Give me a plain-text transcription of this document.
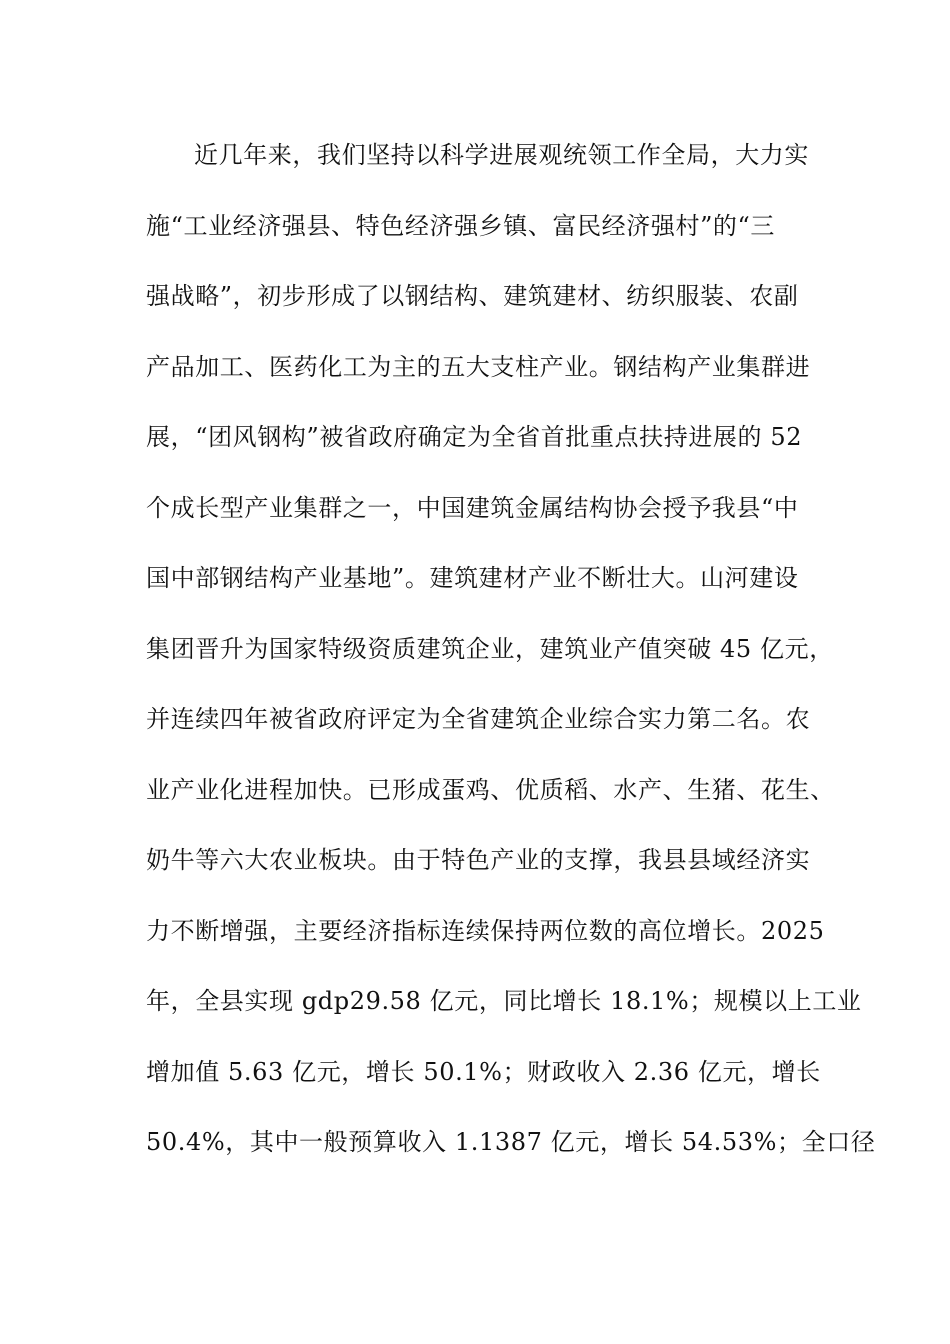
近几年来，我们坚持以科学进展观统领工作全局，大力实
施“工业经济强县、特色经济强乡镇、富民经济强村”的“三
强战略”，初步形成了以钢结构、建筑建材、纺织服装、农副
产品加工、医药化工为主的五大支柱产业。钢结构产业集群进
展，“团风钢构”被省政府确定为全省首批重点扶持进展的 52
个成长型产业集群之一，中国建筑金属结构协会授予我县“中
国中部钢结构产业基地”。建筑建材产业不断壮大。山河建设
集团晋升为国家特级资质建筑企业，建筑业产值突破 45 亿元，
并连续四年被省政府评定为全省建筑企业综合实力第二名。农
业产业化进程加快。已形成蛋鸡、优质稻、水产、生猪、花生、
奶牛等六大农业板块。由于特色产业的支撑，我县县域经济实
力不断增强，主要经济指标连续保持两位数的高位增长。2025
年，全县实现 gdp29.58 亿元，同比增长 18.1%；规模以上工业
增加值 5.63 亿元，增长 50.1%；财政收入 2.36 亿元，增长
50.4%，其中一般预算收入 1.1387 亿元，增长 54.53%；全口径
